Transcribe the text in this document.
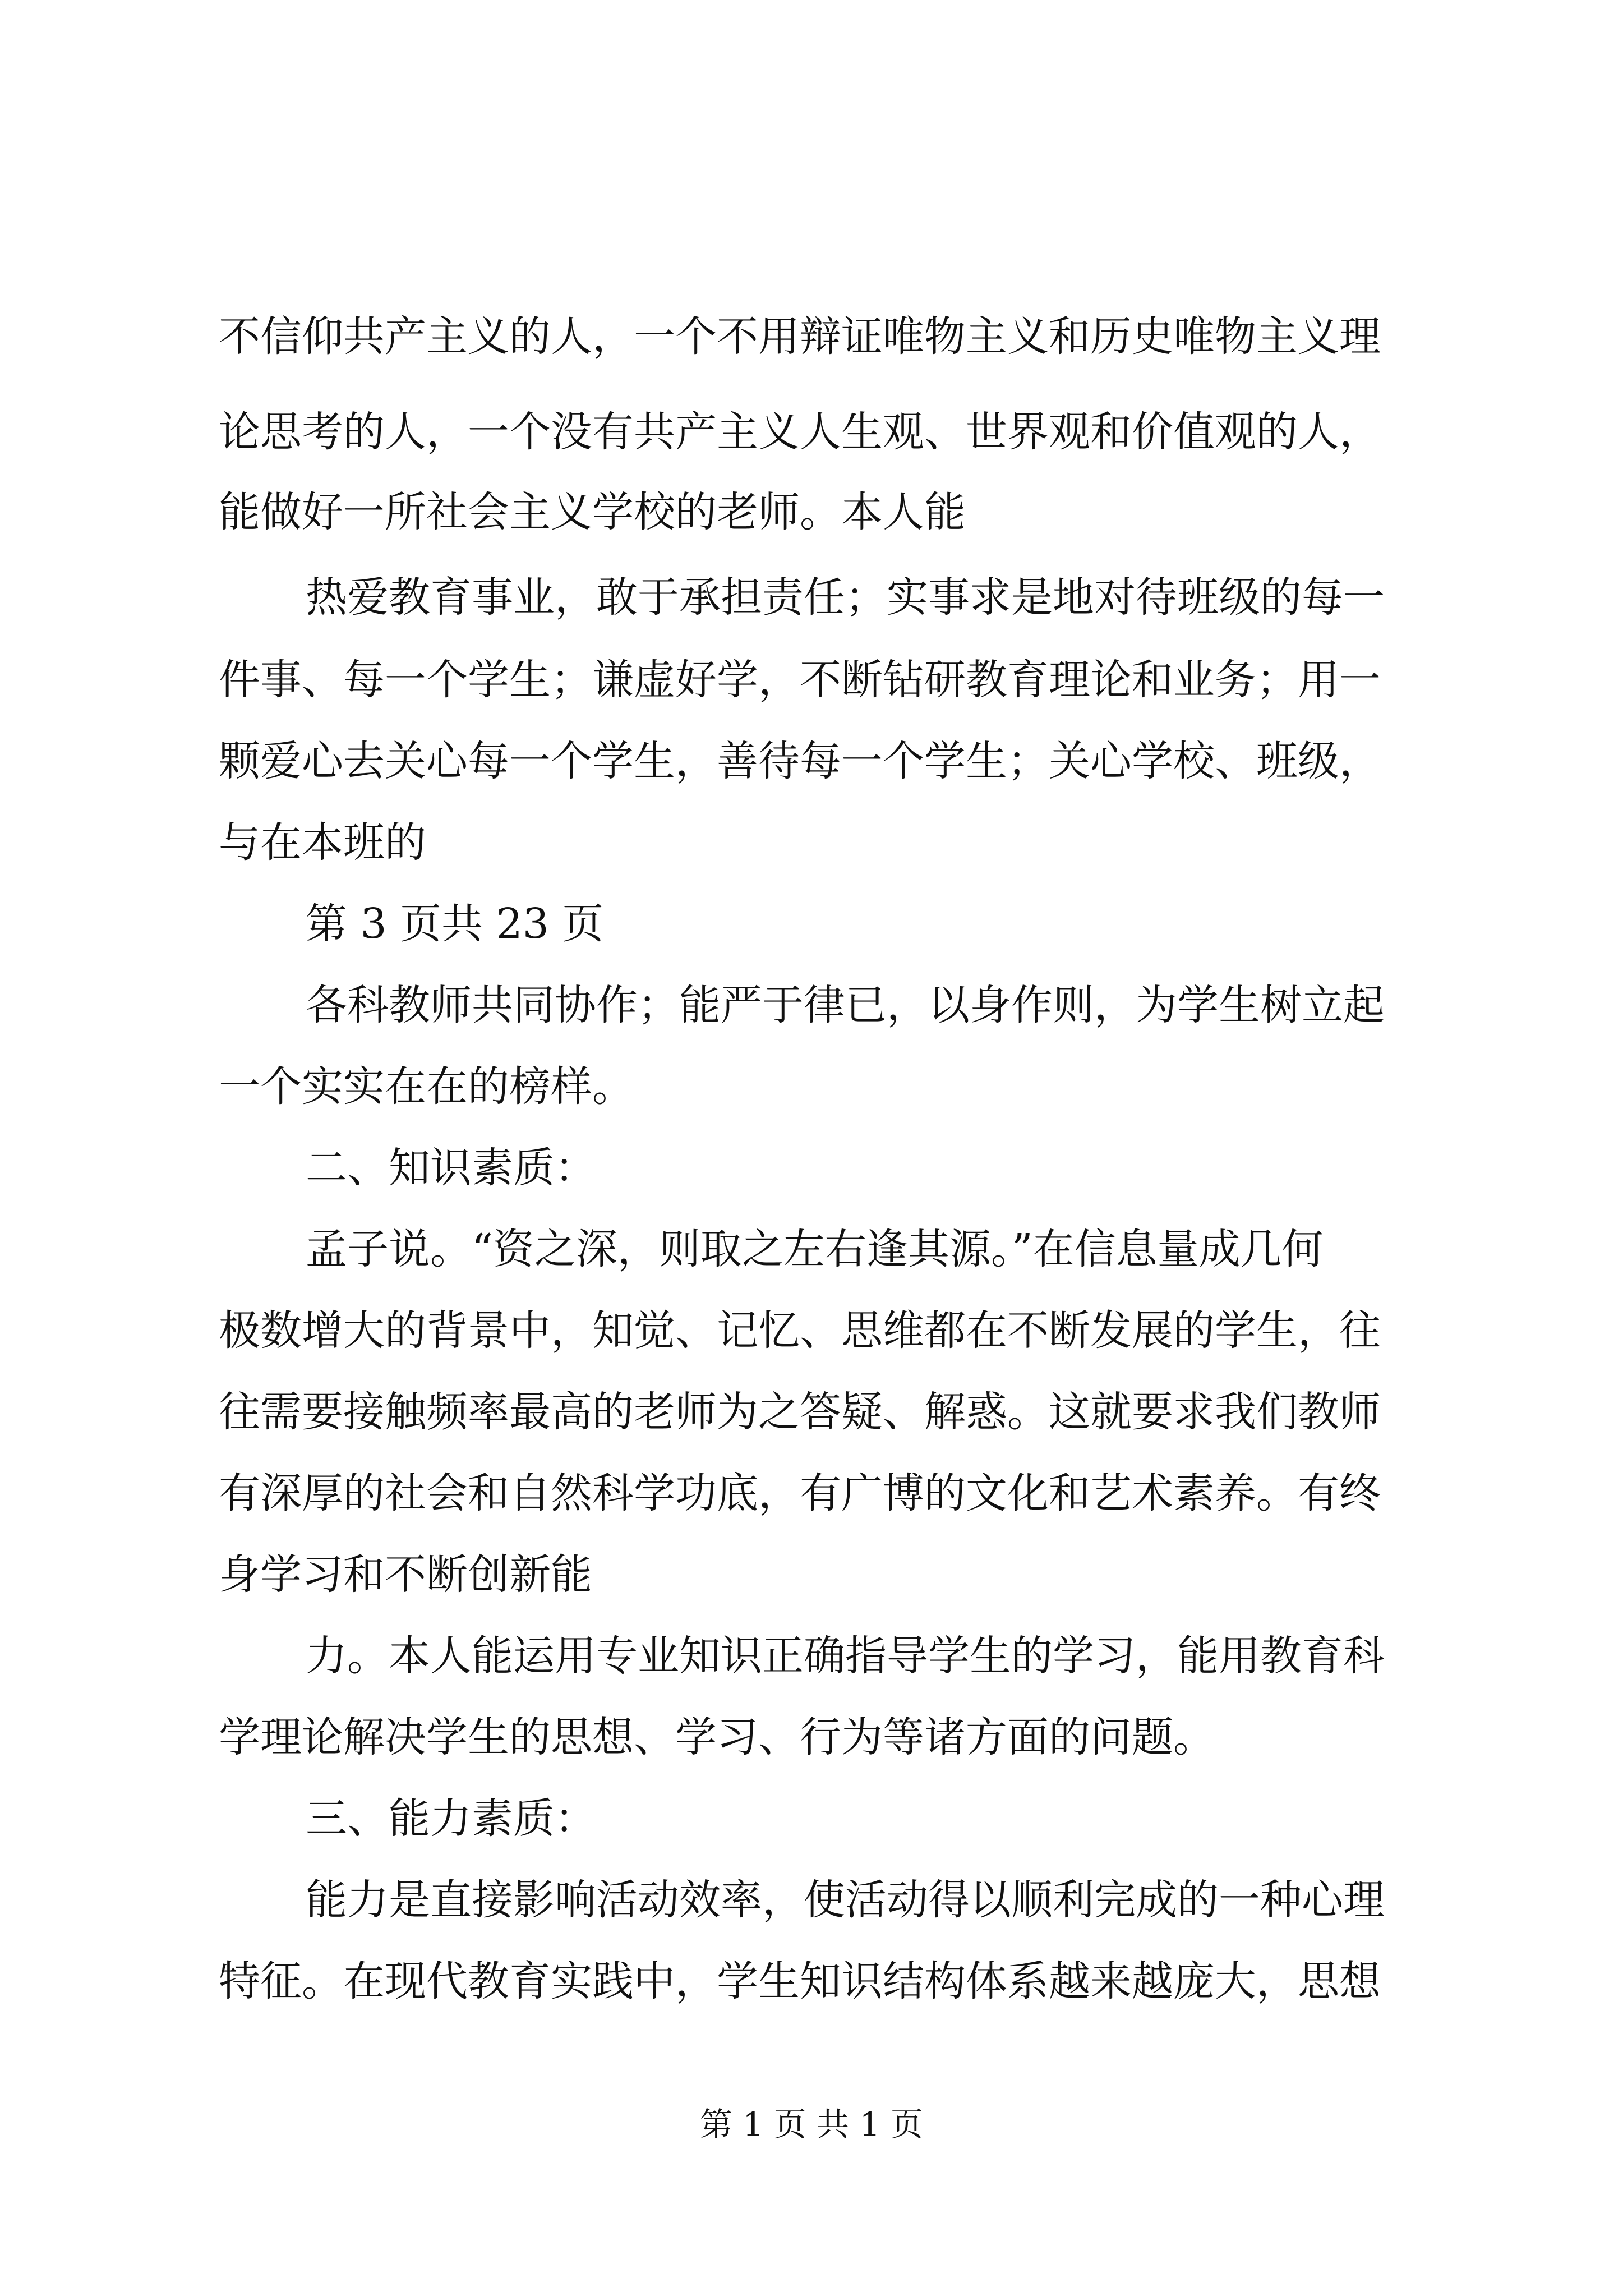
不信仰共产主义的人，一个不用辩证唯物主义和历史唯物主义理
论思考的人，一个没有共产主义人生观、世界观和价值观的人，
能做好一所社会主义学校的老师。本人能
热爱教育事业，敢于承担责任；实事求是地对待班级的每一
件事、每一个学生；谦虚好学，不断钻研教育理论和业务；用一
颗爱心去关心每一个学生，善待每一个学生；关心学校、班级，
与在本班的
第 3 页共 23 页
各科教师共同协作；能严于律已，以身作则，为学生树立起
一个实实在在的榜样。
二、知识素质：
孟子说。“资之深，则取之左右逢其源。”在信息量成几何
极数增大的背景中，知觉、记忆、思维都在不断发展的学生，往
往需要接触频率最高的老师为之答疑、解惑。这就要求我们教师
有深厚的社会和自然科学功底，有广博的文化和艺术素养。有终
身学习和不断创新能
力。本人能运用专业知识正确指导学生的学习，能用教育科
学理论解决学生的思想、学习、行为等诸方面的问题。
三、能力素质：
能力是直接影响活动效率，使活动得以顺利完成的一种心理
特征。在现代教育实践中，学生知识结构体系越来越庞大，思想
第 1 页 共 1 页
